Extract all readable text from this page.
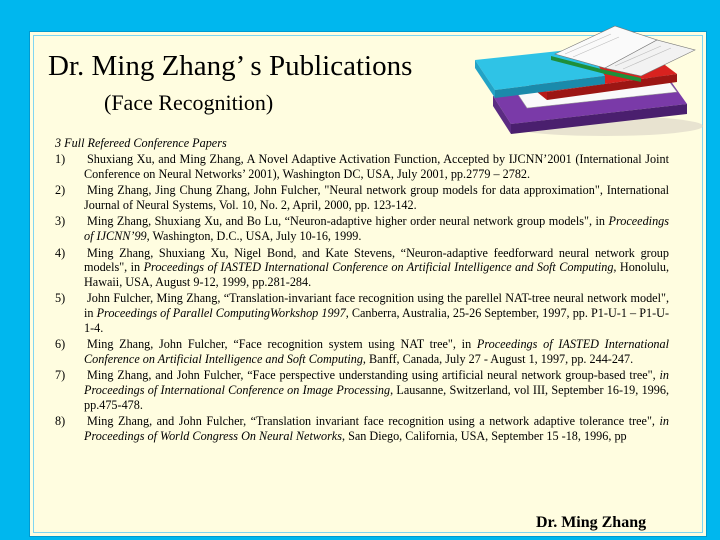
Dr. Ming Zhang’ s Publications
(Face Recognition)

3 Full Refereed Conference Papers

1)	Shuxiang Xu, and Ming Zhang, A Novel Adaptive Activation Function, Accepted by IJCNN’2001 (International Joint Conference on Neural Networks’ 2001), Washington DC, USA, July 2001, pp.2779 – 2782.
2)	Ming Zhang, Jing Chung Zhang, John Fulcher, "Neural network group models for data approximation", International Journal of Neural Systems, Vol. 10, No. 2, April, 2000, pp. 123-142.
3)	Ming Zhang, Shuxiang Xu, and Bo Lu, “Neuron-adaptive higher order neural network group models", in Proceedings of IJCNN’99, Washington, D.C., USA, July 10-16, 1999.
4)	Ming Zhang, Shuxiang Xu, Nigel Bond, and Kate Stevens, “Neuron-adaptive feedforward neural network group models", in Proceedings of IASTED International Conference on Artificial Intelligence and Soft Computing, Honolulu, Hawaii, USA, August 9-12, 1999, pp.281-284.
5)	John Fulcher, Ming Zhang, “Translation-invariant face recognition using the parellel NAT-tree neural network model", in Proceedings of Parallel ComputingWorkshop 1997, Canberra, Australia, 25-26 September, 1997, pp. P1-U-1 – P1-U-1-4.
6)	Ming Zhang, John Fulcher, “Face recognition system using NAT tree", in Proceedings of IASTED International Conference on Artificial Intelligence and Soft Computing, Banff, Canada, July 27 - August 1, 1997, pp. 244-247.
7)	Ming Zhang, and John Fulcher, “Face perspective understanding using artificial neural network group-based tree", in Proceedings of International Conference on Image Processing, Lausanne, Switzerland, vol III, September 16-19, 1996, pp.475-478.
8)	Ming Zhang, and John Fulcher, “Translation invariant face recognition using a network adaptive tolerance tree", in Proceedings of World Congress On Neural Networks, San Diego, California, USA, September 15 -18, 1996, pp

Dr. Ming Zhang
